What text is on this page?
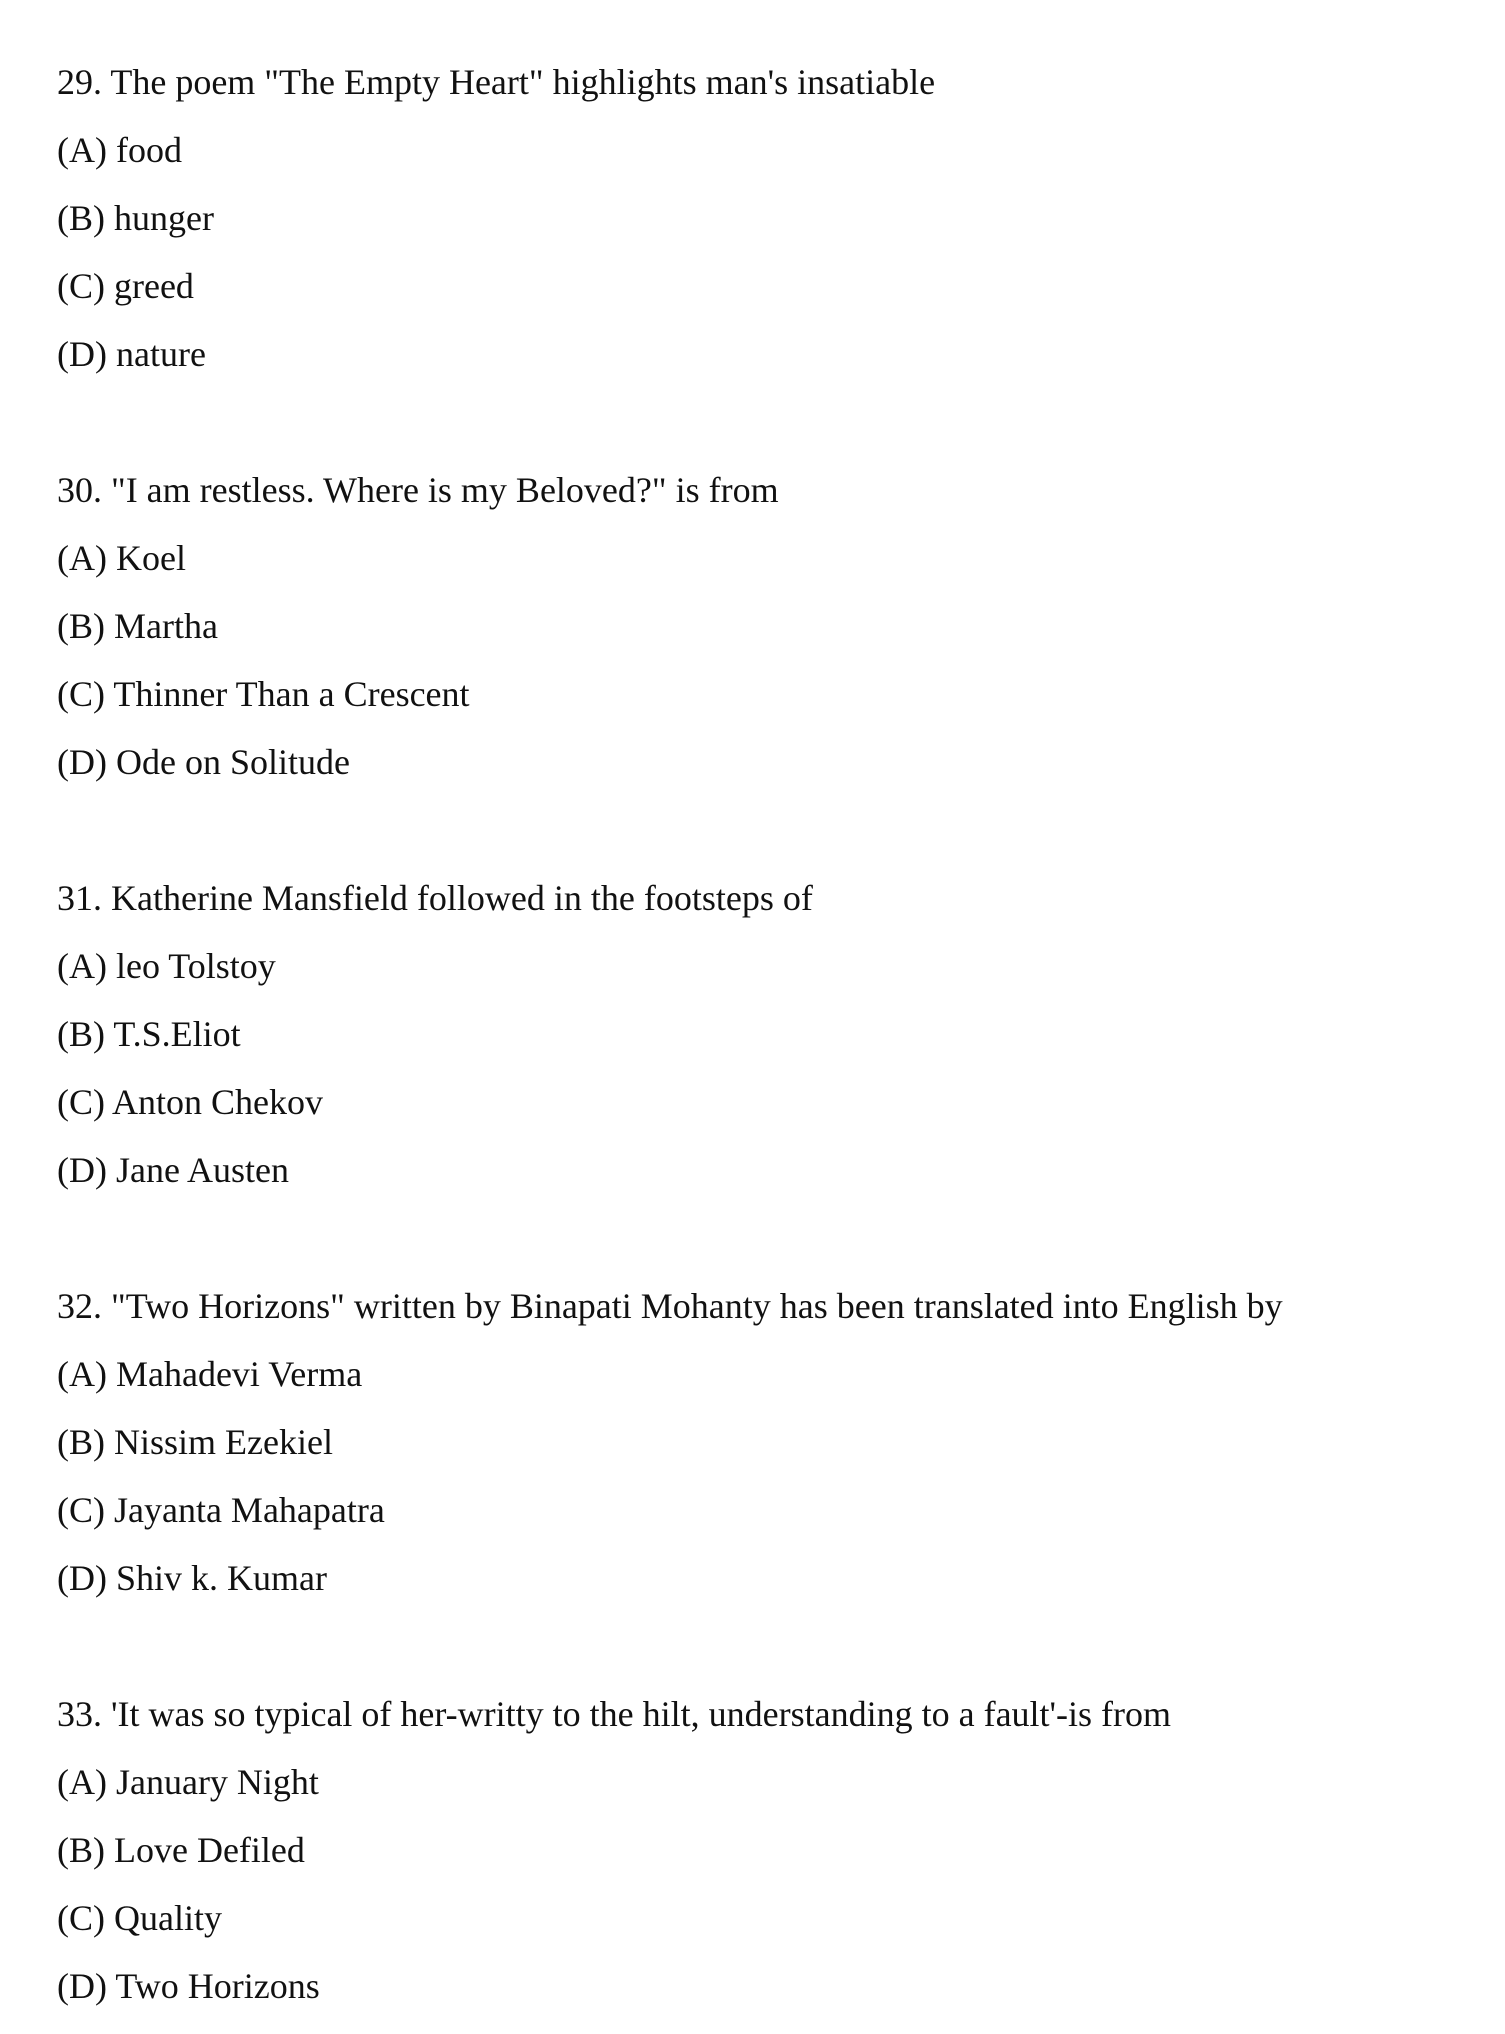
29. The poem "The Empty Heart" highlights man's insatiable
(A) food
(B) hunger
(C) greed
(D) nature
30. "I am restless. Where is my Beloved?" is from
(A) Koel
(B) Martha
(C) Thinner Than a Crescent
(D) Ode on Solitude
31. Katherine Mansfield followed in the footsteps of
(A) leo Tolstoy
(B) T.S.Eliot
(C) Anton Chekov
(D) Jane Austen
32. "Two Horizons" written by Binapati Mohanty has been translated into English by
(A) Mahadevi Verma
(B) Nissim Ezekiel
(C) Jayanta Mahapatra
(D) Shiv k. Kumar
33. 'It was so typical of her-writty to the hilt, understanding to a fault'-is from
(A) January Night
(B) Love Defiled
(C) Quality
(D) Two Horizons
